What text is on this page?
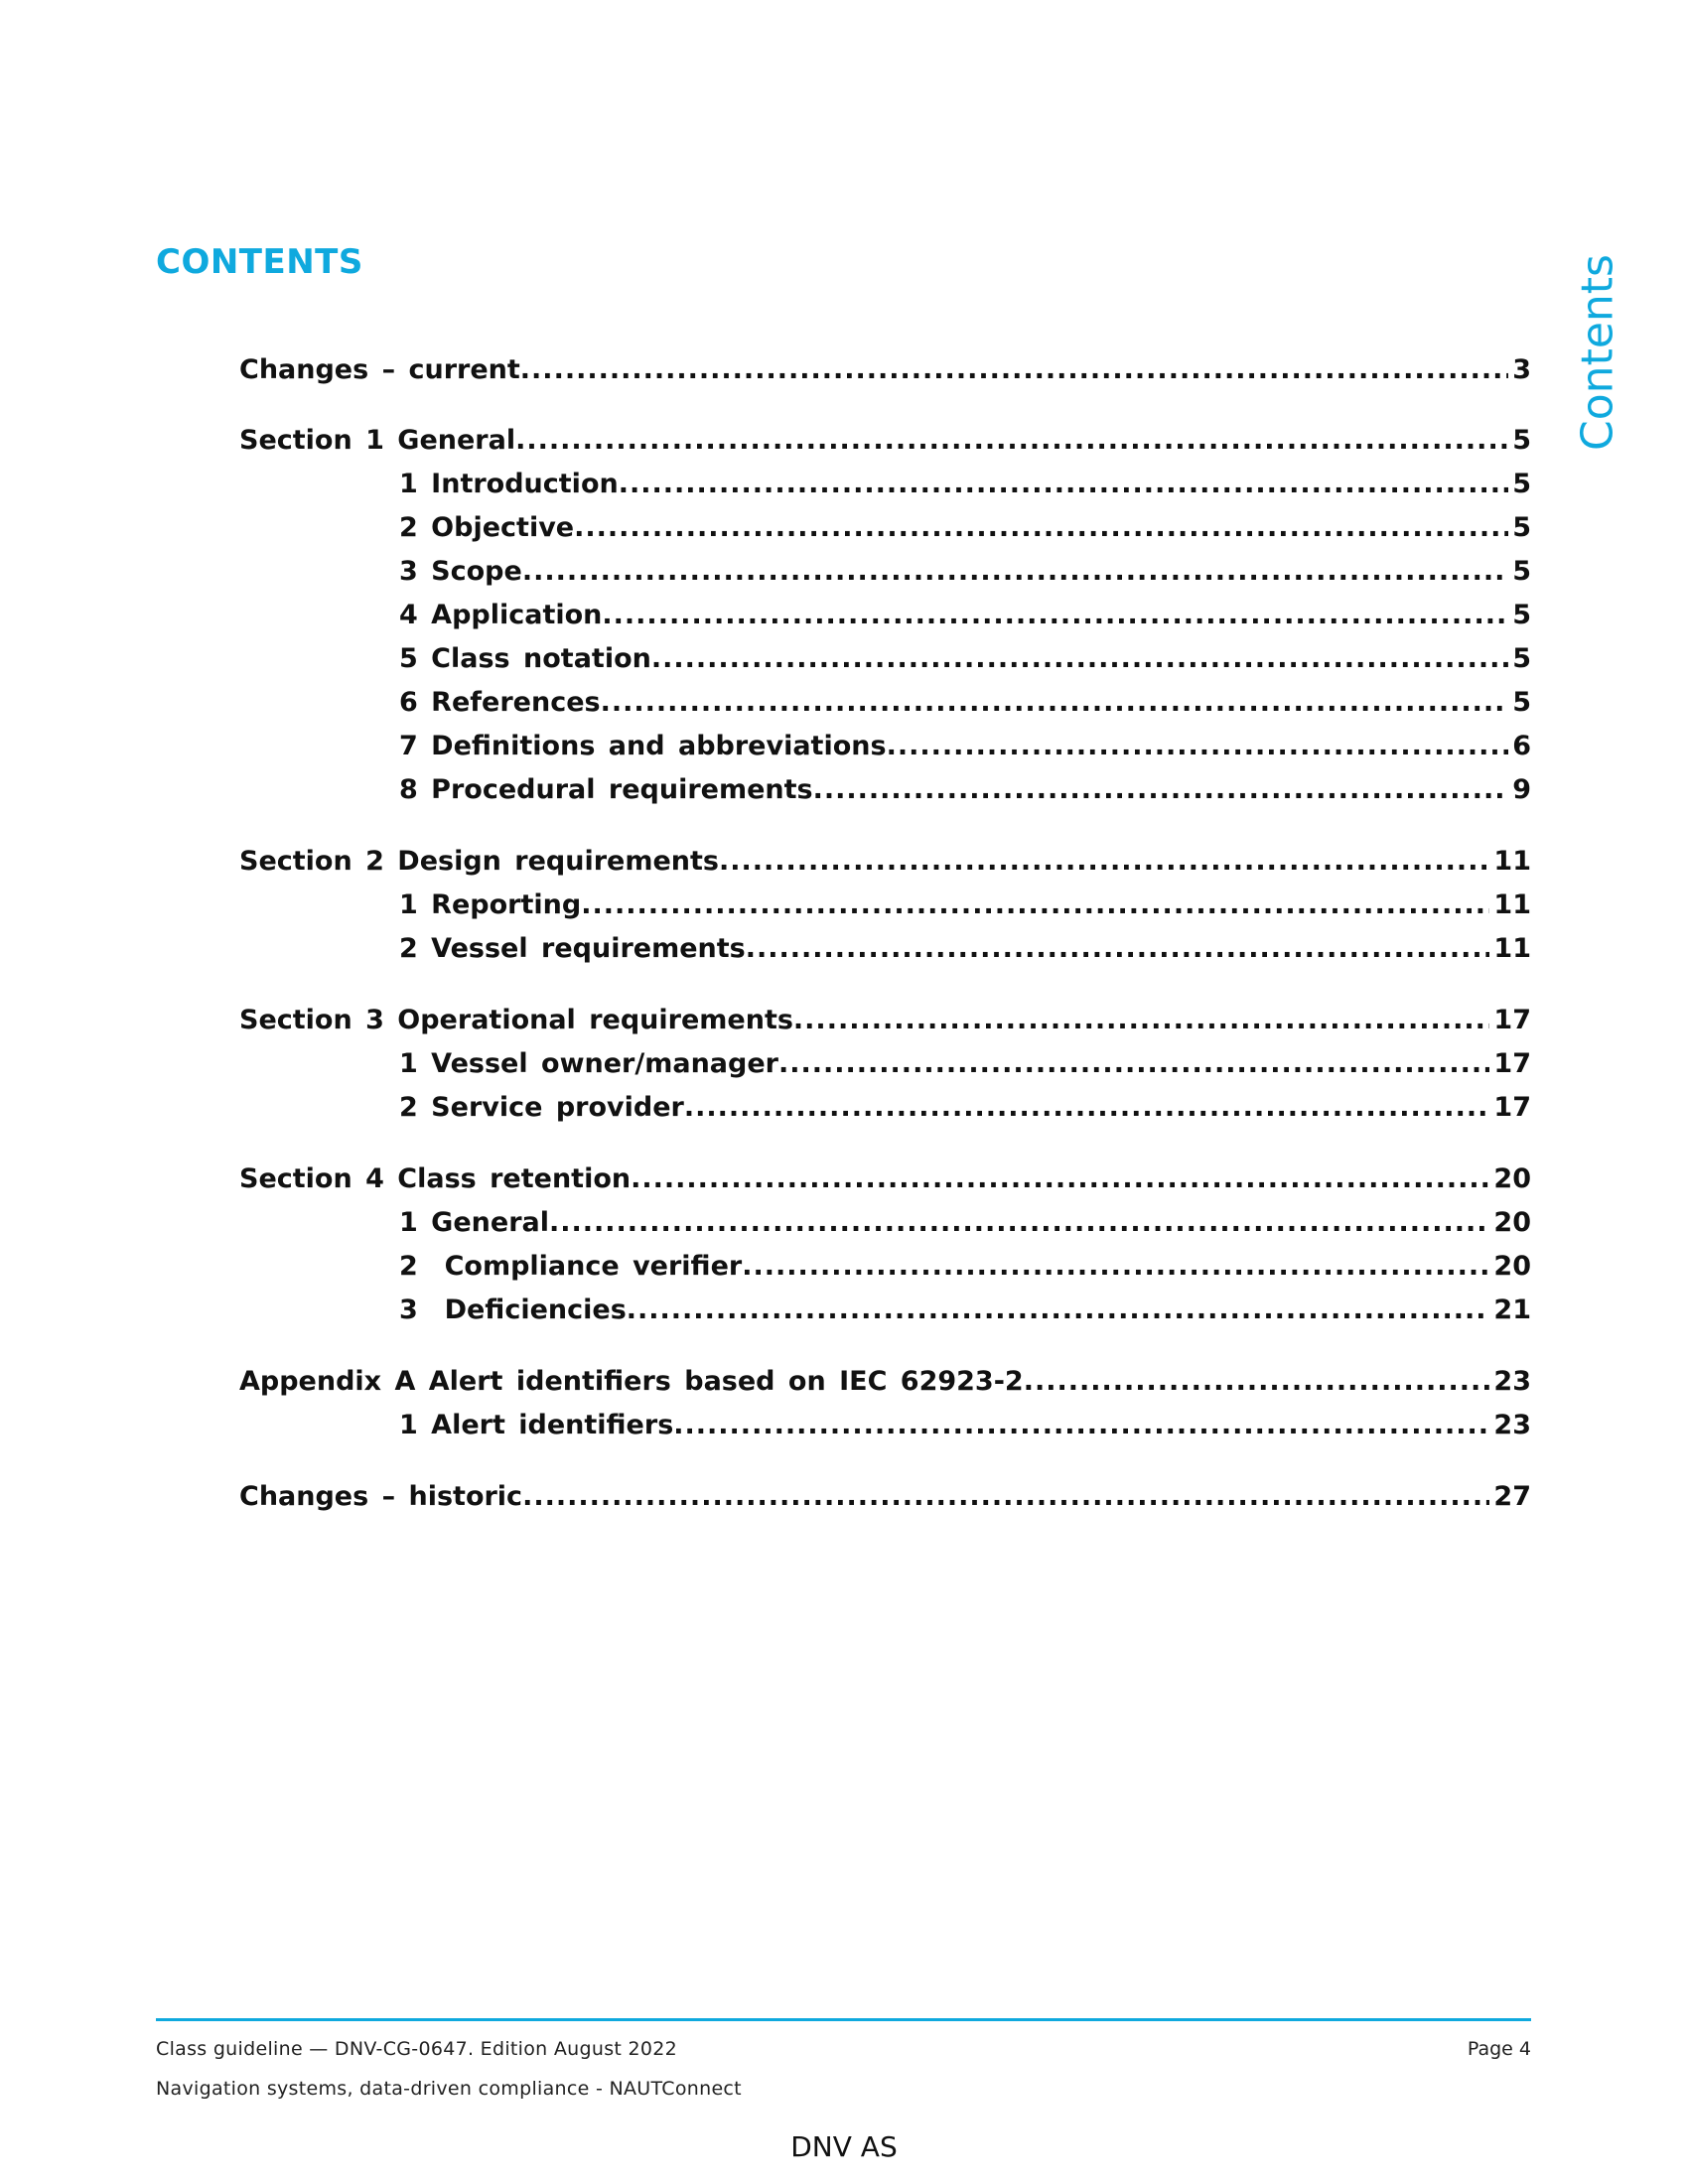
CONTENTS	Contents
Changes – current .....	3
Section 1 General .....	5
1 Introduction .....	5
2 Objective .....	5
3 Scope .....	5
4 Application .....	5
5 Class notation .....	5
6 References .....	5
7 Definitions and abbreviations .....	6
8 Procedural requirements .....	9
Section 2 Design requirements .....	11
1 Reporting .....	11
2 Vessel requirements .....	11
Section 3 Operational requirements .....	17
1 Vessel owner/manager .....	17
2 Service provider .....	17
Section 4 Class retention .....	20
1 General .....	20
2  Compliance verifier .....	20
3  Deficiencies .....	21
Appendix A Alert identifiers based on IEC 62923-2 .....	23
1 Alert identifiers .....	23
Changes – historic .....	27
Class guideline — DNV-CG-0647. Edition August 2022
Navigation systems, data-driven compliance - NAUTConnect
Page 4
DNV AS
